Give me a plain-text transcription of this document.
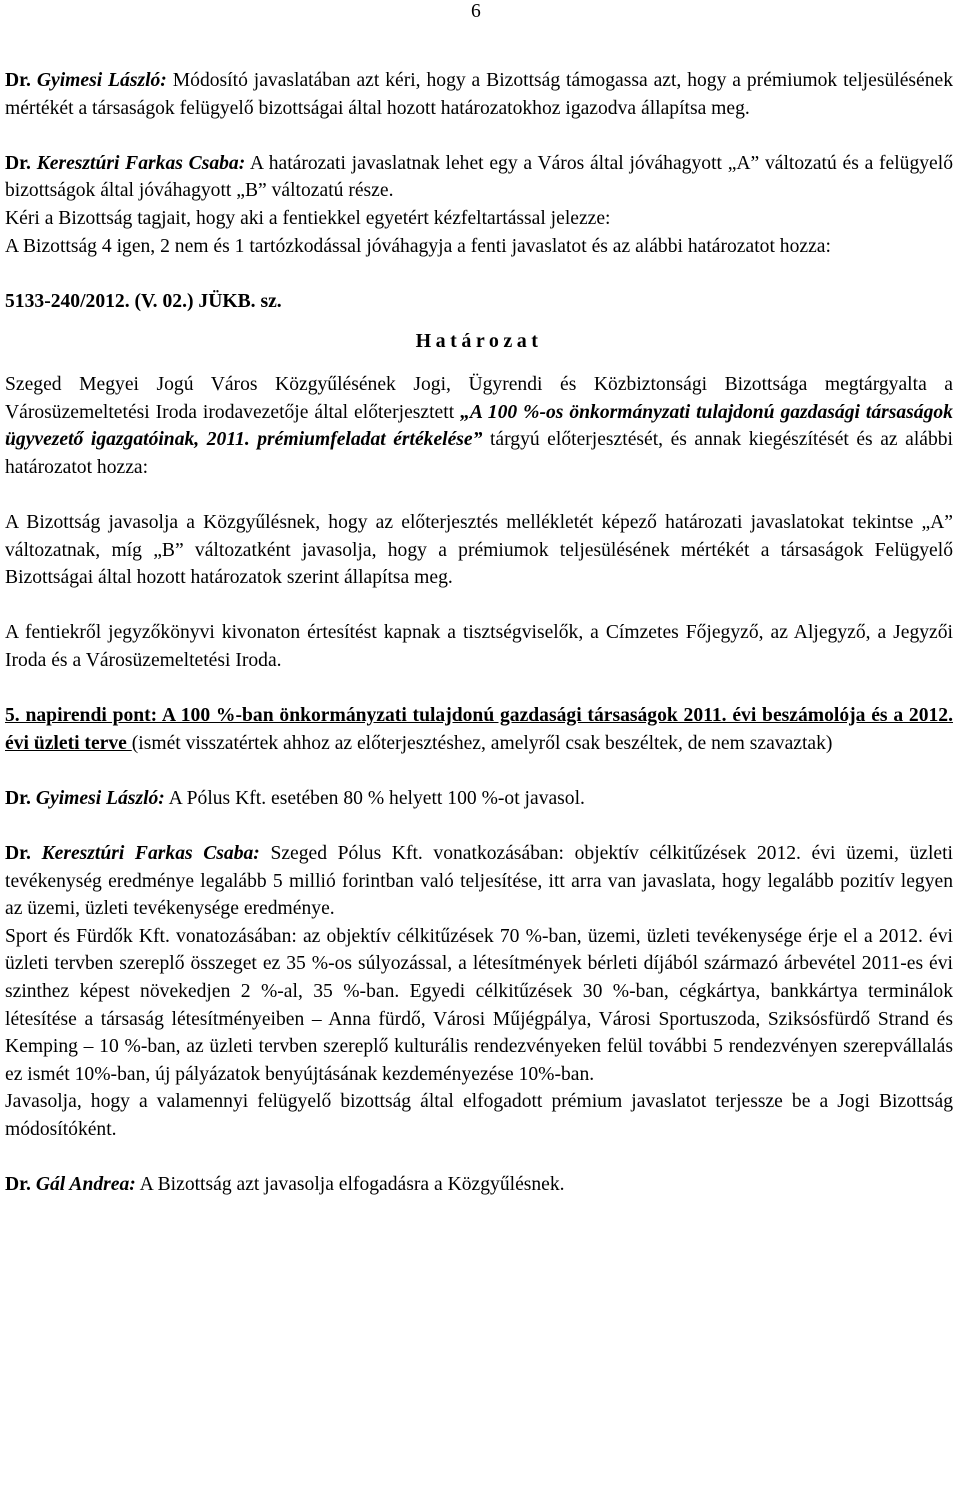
6

Dr. Gyimesi László: Módosító javaslatában azt kéri, hogy a Bizottság támogassa azt, hogy a prémiumok teljesülésének mértékét a társaságok felügyelő bizottságai által hozott határozatokhoz igazodva állapítsa meg.

Dr. Keresztúri Farkas Csaba: A határozati javaslatnak lehet egy a Város által jóváhagyott „A” változatú és a felügyelő bizottságok által jóváhagyott „B” változatú része.

Kéri a Bizottság tagjait, hogy aki a fentiekkel egyetért kézfeltartással jelezze:

A Bizottság 4 igen, 2 nem és 1 tartózkodással jóváhagyja a fenti javaslatot és az alábbi határozatot hozza:

5133-240/2012. (V. 02.) JÜKB. sz.

Határozat

Szeged Megyei Jogú Város Közgyűlésének Jogi, Ügyrendi és Közbiztonsági Bizottsága megtárgyalta a Városüzemeltetési Iroda irodavezetője által előterjesztett „A 100 %-os önkormányzati tulajdonú gazdasági társaságok ügyvezető igazgatóinak, 2011. prémiumfeladat értékelése” tárgyú előterjesztését, és annak kiegészítését és az alábbi határozatot hozza:

A Bizottság javasolja a Közgyűlésnek, hogy az előterjesztés mellékletét képező határozati javaslatokat tekintse „A” változatnak, míg „B” változatként javasolja, hogy a prémiumok teljesülésének mértékét a társaságok Felügyelő Bizottságai által hozott határozatok szerint állapítsa meg.

A fentiekről jegyzőkönyvi kivonaton értesítést kapnak a tisztségviselők, a Címzetes Főjegyző, az Aljegyző, a Jegyzői Iroda és a Városüzemeltetési Iroda.

5. napirendi pont: A 100 %-ban önkormányzati tulajdonú gazdasági társaságok 2011. évi beszámolója és a 2012. évi üzleti terve (ismét visszatértek ahhoz az előterjesztéshez, amelyről csak beszéltek, de nem szavaztak)

Dr. Gyimesi László: A Pólus Kft. esetében 80 % helyett 100 %-ot javasol.

Dr. Keresztúri Farkas Csaba: Szeged Pólus Kft. vonatkozásában: objektív célkitűzések 2012. évi üzemi, üzleti tevékenység eredménye legalább 5 millió forintban való teljesítése, itt arra van javaslata, hogy legalább pozitív legyen az üzemi, üzleti tevékenysége eredménye.

Sport és Fürdők Kft. vonatozásában: az objektív célkitűzések 70 %-ban, üzemi, üzleti tevékenysége érje el a 2012. évi üzleti tervben szereplő összeget ez 35 %-os súlyozással, a létesítmények bérleti díjából származó árbevétel 2011-es évi szinthez képest növekedjen 2 %-al, 35 %-ban. Egyedi célkitűzések 30 %-ban, cégkártya, bankkártya terminálok létesítése a társaság létesítményeiben – Anna fürdő, Városi Műjégpálya, Városi Sportuszoda, Sziksósfürdő Strand és Kemping – 10 %-ban, az üzleti tervben szereplő kulturális rendezvényeken felül további 5 rendezvényen szerepvállalás ez ismét 10%-ban, új pályázatok benyújtásának kezdeményezése 10%-ban.

Javasolja, hogy a valamennyi felügyelő bizottság által elfogadott prémium javaslatot terjessze be a Jogi Bizottság módosítóként.

Dr. Gál Andrea: A Bizottság azt javasolja elfogadásra a Közgyűlésnek.
